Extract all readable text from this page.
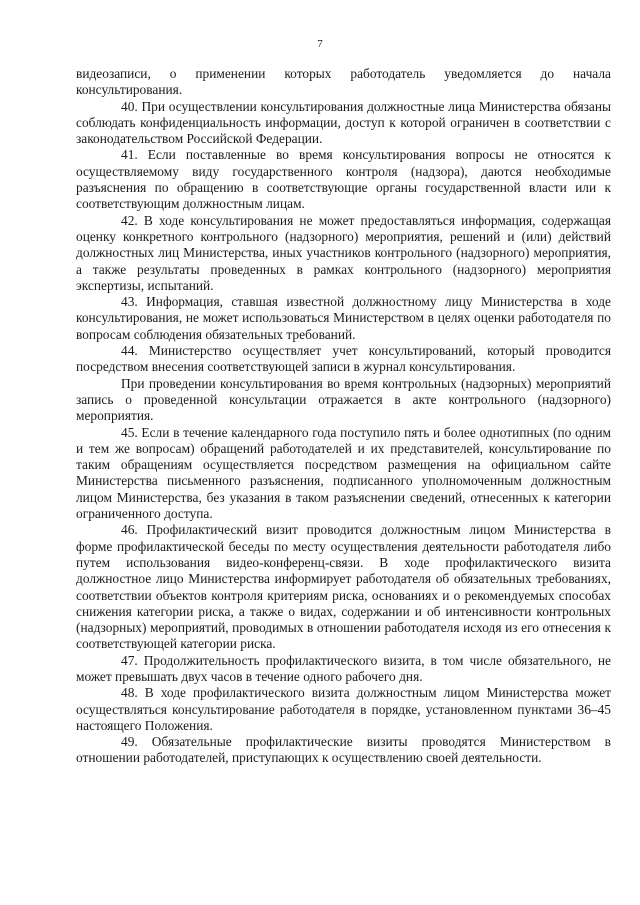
7

видеозаписи, о применении которых работодатель уведомляется до начала консультирования.

40. При осуществлении консультирования должностные лица Министерства обязаны соблюдать конфиденциальность информации, доступ к которой ограничен в соответствии с законодательством Российской Федерации.

41. Если поставленные во время консультирования вопросы не относятся к осуществляемому виду государственного контроля (надзора), даются необходимые разъяснения по обращению в соответствующие органы государственной власти или к соответствующим должностным лицам.

42. В ходе консультирования не может предоставляться информация, содержащая оценку конкретного контрольного (надзорного) мероприятия, решений и (или) действий должностных лиц Министерства, иных участников контрольного (надзорного) мероприятия, а также результаты проведенных в рамках контрольного (надзорного) мероприятия экспертизы, испытаний.

43. Информация, ставшая известной должностному лицу Министерства в ходе консультирования, не может использоваться Министерством в целях оценки работодателя по вопросам соблюдения обязательных требований.

44. Министерство осуществляет учет консультирований, который проводится посредством внесения соответствующей записи в журнал консультирования.

При проведении консультирования во время контрольных (надзорных) мероприятий запись о проведенной консультации отражается в акте контрольного (надзорного) мероприятия.

45. Если в течение календарного года поступило пять и более однотипных (по одним и тем же вопросам) обращений работодателей и их представителей, консультирование по таким обращениям осуществляется посредством размещения на официальном сайте Министерства письменного разъяснения, подписанного уполномоченным должностным лицом Министерства, без указания в таком разъяснении сведений, отнесенных к категории ограниченного доступа.

46. Профилактический визит проводится должностным лицом Министерства в форме профилактической беседы по месту осуществления деятельности работодателя либо путем использования видео-конференц-связи. В ходе профилактического визита должностное лицо Министерства информирует работодателя об обязательных требованиях, соответствии объектов контроля критериям риска, основаниях и о рекомендуемых способах снижения категории риска, а также о видах, содержании и об интенсивности контрольных (надзорных) мероприятий, проводимых в отношении работодателя исходя из его отнесения к соответствующей категории риска.

47. Продолжительность профилактического визита, в том числе обязательного, не может превышать двух часов в течение одного рабочего дня.

48. В ходе профилактического визита должностным лицом Министерства может осуществляться консультирование работодателя в порядке, установленном пунктами 36–45 настоящего Положения.

49. Обязательные профилактические визиты проводятся Министерством в отношении работодателей, приступающих к осуществлению своей деятельности.
